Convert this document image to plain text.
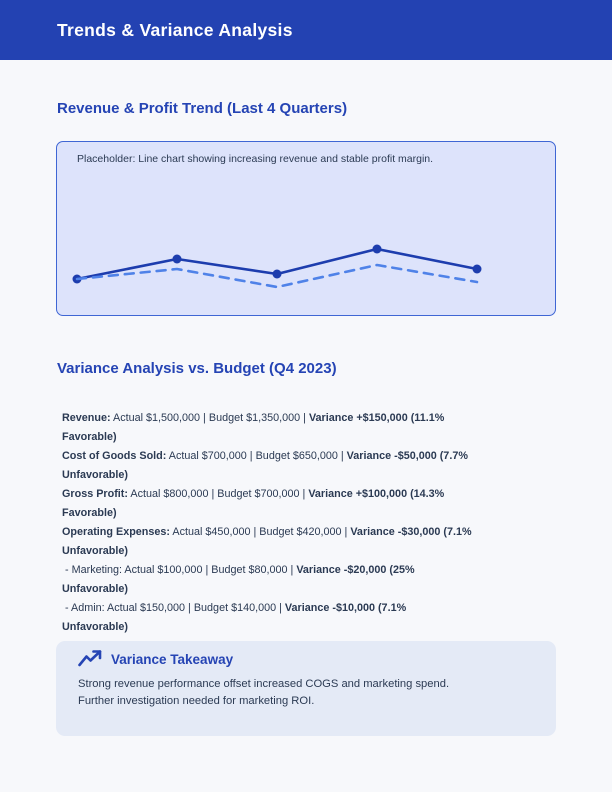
Trends & Variance Analysis
Revenue & Profit Trend (Last 4 Quarters)
Placeholder: Line chart showing increasing revenue and stable profit margin.
Variance Analysis vs. Budget (Q4 2023)

Revenue: Actual $1,500,000 | Budget $1,350,000 | Variance +$150,000 (11.1%
Favorable)

Cost of Goods Sold: Actual $700,000 | Budget $650,000 | Variance -$50,000 (7.7%
Unfavorable)

Gross Profit: Actual $800,000 | Budget $700,000 | Variance +$100,000 (14.3%
Favorable)

Operating Expenses: Actual $450,000 | Budget $420,000 | Variance -$30,000 (7.1%
Unfavorable)

- Marketing: Actual $100,000 | Budget $80,000 | Variance -$20,000 (25%
Unfavorable)

- Admin: Actual $150,000 | Budget $140,000 | Variance -$10,000 (7.1%
Unfavorable)

Variance Takeaway

Strong revenue performance offset increased COGS and marketing spend. Further investigation needed for marketing ROI.
